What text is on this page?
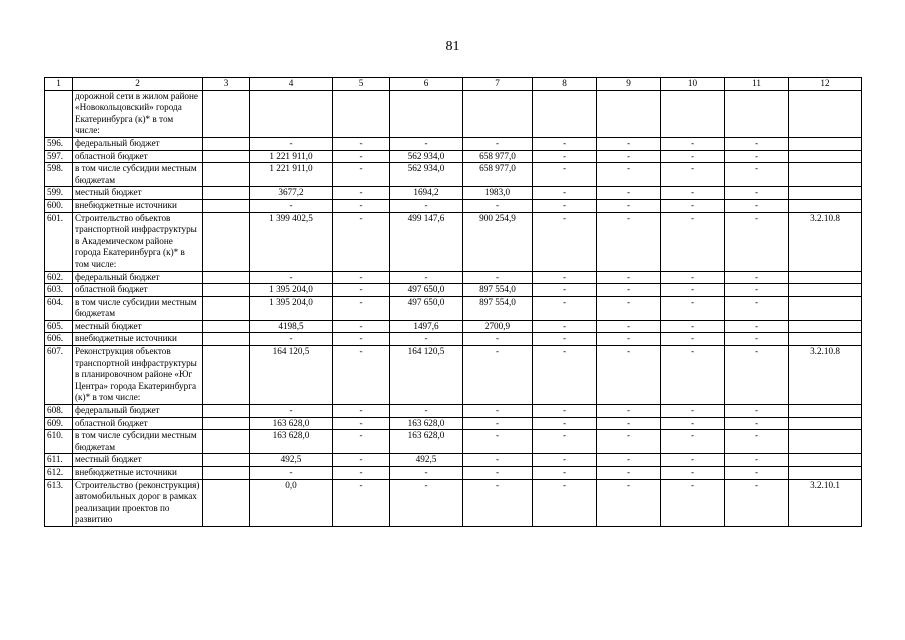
81
1	2	3	4	5	6	7	8	9	10	11	12
	дорожной сети в жилом районе «Новокольцовский» города Екатеринбурга (к)* в том числе:										
596.	федеральный бюджет		-	-	-	-	-	-	-	-	
597.	областной бюджет		1 221 911,0	-	562 934,0	658 977,0	-	-	-	-	
598.	в том числе субсидии местным бюджетам		1 221 911,0	-	562 934,0	658 977,0	-	-	-	-	
599.	местный бюджет		3677,2	-	1694,2	1983,0	-	-	-	-	
600.	внебюджетные источники		-	-	-	-	-	-	-	-	
601.	Строительство объектов транспортной инфраструктуры в Академическом районе города Екатеринбурга (к)* в том числе:		1 399 402,5	-	499 147,6	900 254,9	-	-	-	-	3.2.10.8
602.	федеральный бюджет		-	-	-	-	-	-	-	-	
603.	областной бюджет		1 395 204,0	-	497 650,0	897 554,0	-	-	-	-	
604.	в том числе субсидии местным бюджетам		1 395 204,0	-	497 650,0	897 554,0	-	-	-	-	
605.	местный бюджет		4198,5	-	1497,6	2700,9	-	-	-	-	
606.	внебюджетные источники		-	-	-	-	-	-	-	-	
607.	Реконструкция объектов транспортной инфраструктуры в планировочном районе «Юг Центра» города Екатеринбурга (к)* в том числе:		164 120,5	-	164 120,5	-	-	-	-	-	3.2.10.8
608.	федеральный бюджет		-	-	-	-	-	-	-	-	
609.	областной бюджет		163 628,0	-	163 628,0	-	-	-	-	-	
610.	в том числе субсидии местным бюджетам		163 628,0	-	163 628,0	-	-	-	-	-	
611.	местный бюджет		492,5	-	492,5	-	-	-	-	-	
612.	внебюджетные источники		-	-	-	-	-	-	-	-	
613.	Строительство (реконструкция) автомобильных дорог в рамках реализации проектов по развитию		0,0	-	-	-	-	-	-	-	3.2.10.1
